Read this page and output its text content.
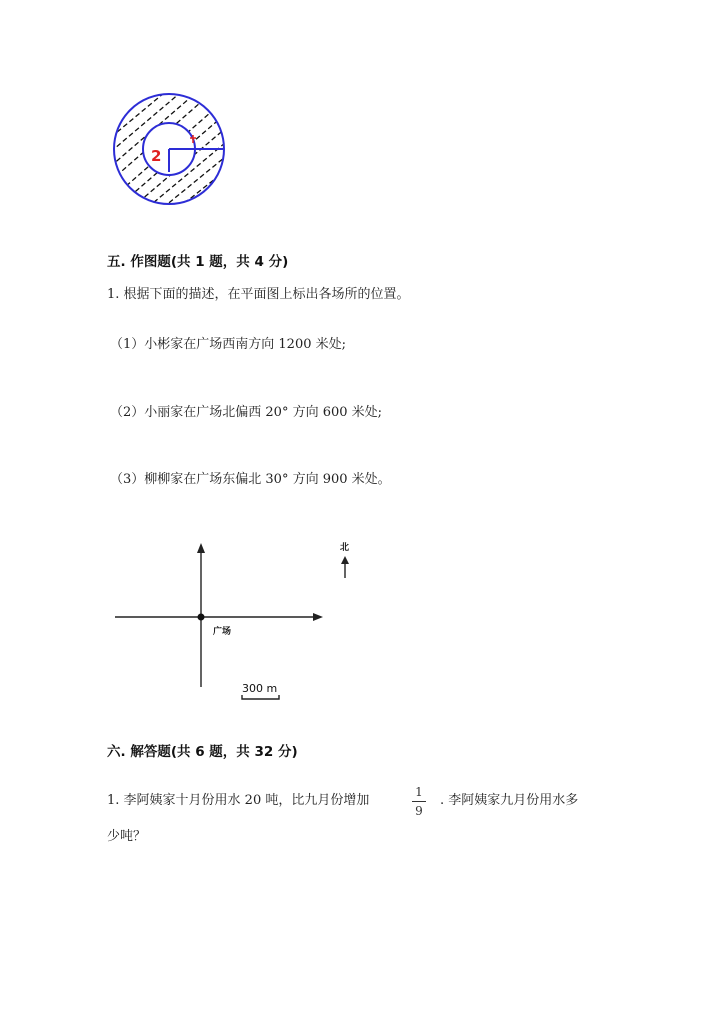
2
五. 作图题(共 1 题，共 4 分)
1. 根据下面的描述，在平面图上标出各场所的位置。
（1）小彬家在广场西南方向 1200 米处;
（2）小丽家在广场北偏西 20° 方向 600 米处;
（3）柳柳家在广场东偏北 30° 方向 900 米处。
广场
北
300 m
六. 解答题(共 6 题，共 32 分)
1. 李阿姨家十月份用水 20 吨，比九月份增加
1
9
. 李阿姨家九月份用水多
少吨？
